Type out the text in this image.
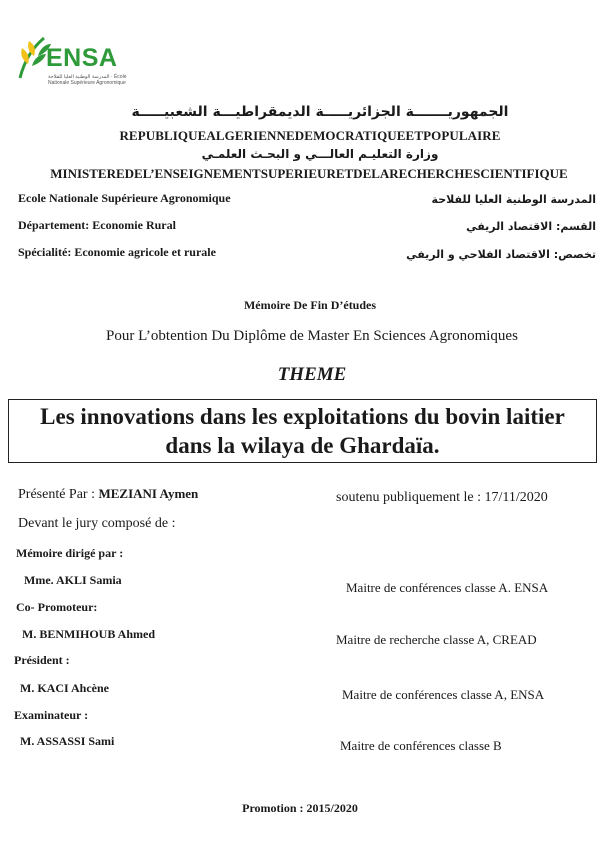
ENSA
المدرسة الوطنية العليا للفلاحة · École Nationale Supérieure Agronomique
الجمهوريـــــــة الجزائريـــــة الديمقراطيـــة الشعبيـــــة
REPUBLIQUEALGERIENNEDEMOCRATIQUEETPOPULAIRE
وزارة التعليـم العالـــي و البحـث العلمـي
MINISTEREDEL’ENSEIGNEMENTSUPERIEURETDELARECHERCHESCIENTIFIQUE
Ecole Nationale Supérieure Agronomique	المدرسة الوطنية العليا للفلاحة
Département: Economie Rural	القسم: الاقتصاد الريفي
Spécialité: Economie agricole et rurale	تخصص: الاقتصاد الفلاحي و الريفي
Mémoire De Fin D’études
Pour L’obtention Du Diplôme de Master En Sciences Agronomiques
THEME
Les innovations dans les exploitations du bovin laitier dans la wilaya de Ghardaïa.
Présenté Par : MEZIANI Aymen	soutenu publiquement le : 17/11/2020
Devant le jury composé de :
Mémoire dirigé par :
Mme. AKLI Samia	Maitre de conférences classe A. ENSA
Co- Promoteur:
M. BENMIHOUB Ahmed	Maitre de recherche classe A, CREAD
Président :
M. KACI Ahcène	Maitre de conférences classe A, ENSA
Examinateur :
M. ASSASSI Sami	Maitre de conférences classe B
Promotion : 2015/2020
